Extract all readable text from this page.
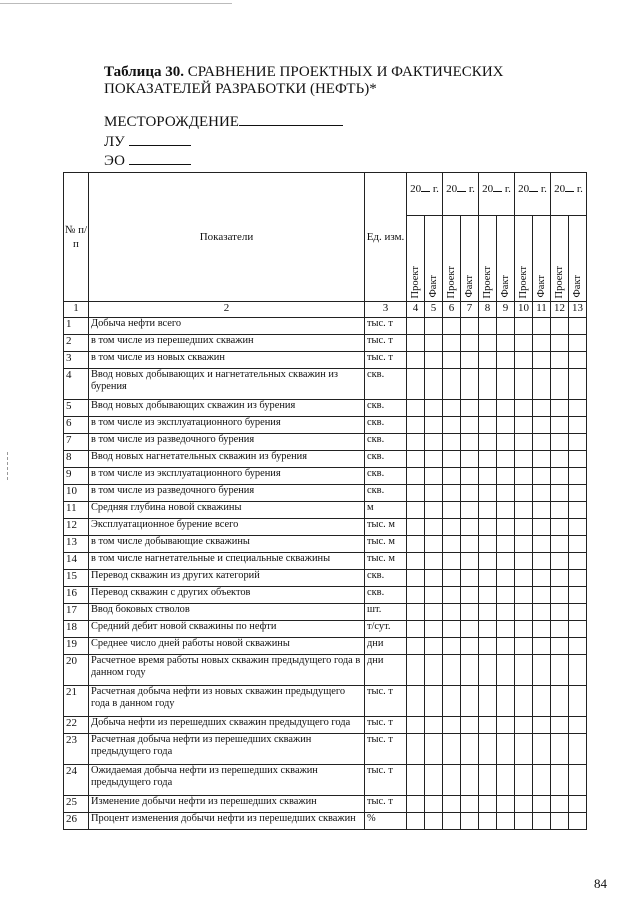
Таблица 30. СРАВНЕНИЕ ПРОЕКТНЫХ И ФАКТИЧЕСКИХ ПОКАЗАТЕЛЕЙ РАЗРАБОТКИ (НЕФТЬ)*
МЕСТОРОЖДЕНИЕ
ЛУ
ЭО
№ п/п	Показатели	Ед. изм.	20 г.		20 г.		20 г.		20 г.		20 г.	

			Проект	Факт	Проект	Факт	Проект	Факт	Проект	Факт	Проект	Факт

1	2	3	4	5	6	7	8	9	10	11	12	13
1	Добыча нефти всего	тыс. т										
2	в том числе из перешедших скважин	тыс. т										
3	в том числе из новых скважин	тыс. т										
4	Ввод новых добывающих и нагнетательных скважин из бурения	скв.										
5	Ввод новых добывающих скважин из бурения	скв.										
6	в том числе из эксплуатационного бурения	скв.										
7	в том числе из разведочного бурения	скв.										
8	Ввод новых нагнетательных скважин из бурения	скв.										
9	в том числе из эксплуатационного бурения	скв.										
10	в том числе из разведочного бурения	скв.										
11	Средняя глубина новой скважины	м										
12	Эксплуатационное бурение всего	тыс. м										
13	в том числе добывающие скважины	тыс. м										
14	в том числе нагнетательные и специальные скважины	тыс. м										
15	Перевод скважин из других категорий	скв.										
16	Перевод скважин с других объектов	скв.										
17	Ввод боковых стволов	шт.										
18	Средний дебит новой скважины по нефти	т/сут.										
19	Среднее число дней работы новой скважины	дни										
20	Расчетное время работы новых скважин предыдущего года в данном году	дни										
21	Расчетная добыча нефти из новых скважин предыдущего года в данном году	тыс. т										
22	Добыча нефти из перешедших скважин предыдущего года	тыс. т										
23	Расчетная добыча нефти из перешедших скважин предыдущего года	тыс. т										
24	Ожидаемая добыча нефти из перешедших скважин предыдущего года	тыс. т										
25	Изменение добычи нефти из перешедших скважин	тыс. т										
26	Процент изменения добычи нефти из перешедших скважин	%										
84
